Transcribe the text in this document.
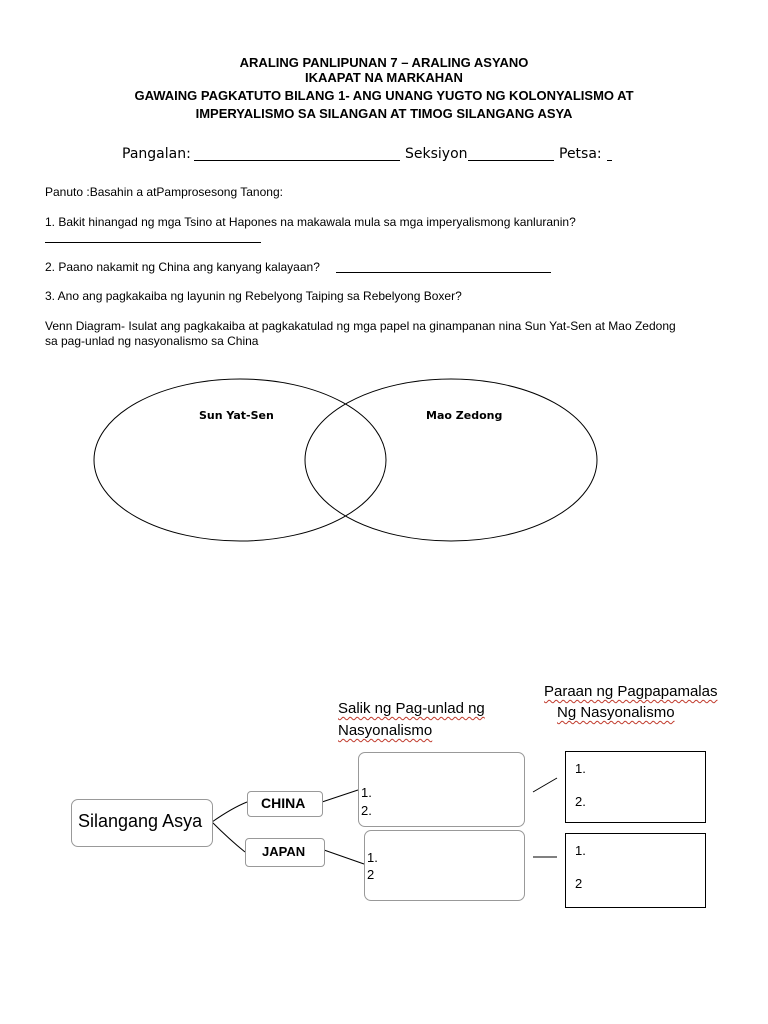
ARALING PANLIPUNAN 7 – ARALING ASYANO
IKAAPAT NA MARKAHAN
GAWAING PAGKATUTO BILANG 1- ANG UNANG YUGTO NG KOLONYALISMO AT
IMPERYALISMO SA SILANGAN AT TIMOG SILANGANG ASYA
Pangalan:	Seksiyon	Petsa:
Panuto :Basahin a atPamprosesong Tanong:
1. Bakit hinangad ng mga Tsino at Hapones na makawala mula sa mga imperyalismong kanluranin?
2. Paano nakamit ng China ang kanyang kalayaan?
3. Ano ang pagkakaiba ng layunin ng Rebelyong Taiping sa Rebelyong Boxer?
Venn Diagram- Isulat ang pagkakaiba at pagkakatulad ng mga papel na ginampanan nina Sun Yat-Sen at Mao Zedong
sa pag-unlad ng nasyonalismo sa China
Sun Yat-Sen	Mao Zedong
Salik ng Pag-unlad ng
Nasyonalismo
Paraan ng Pagpapamalas
Ng Nasyonalismo
Silangang Asya
CHINA
JAPAN
1.
2.
1.
2
1.
2.
1.
2
